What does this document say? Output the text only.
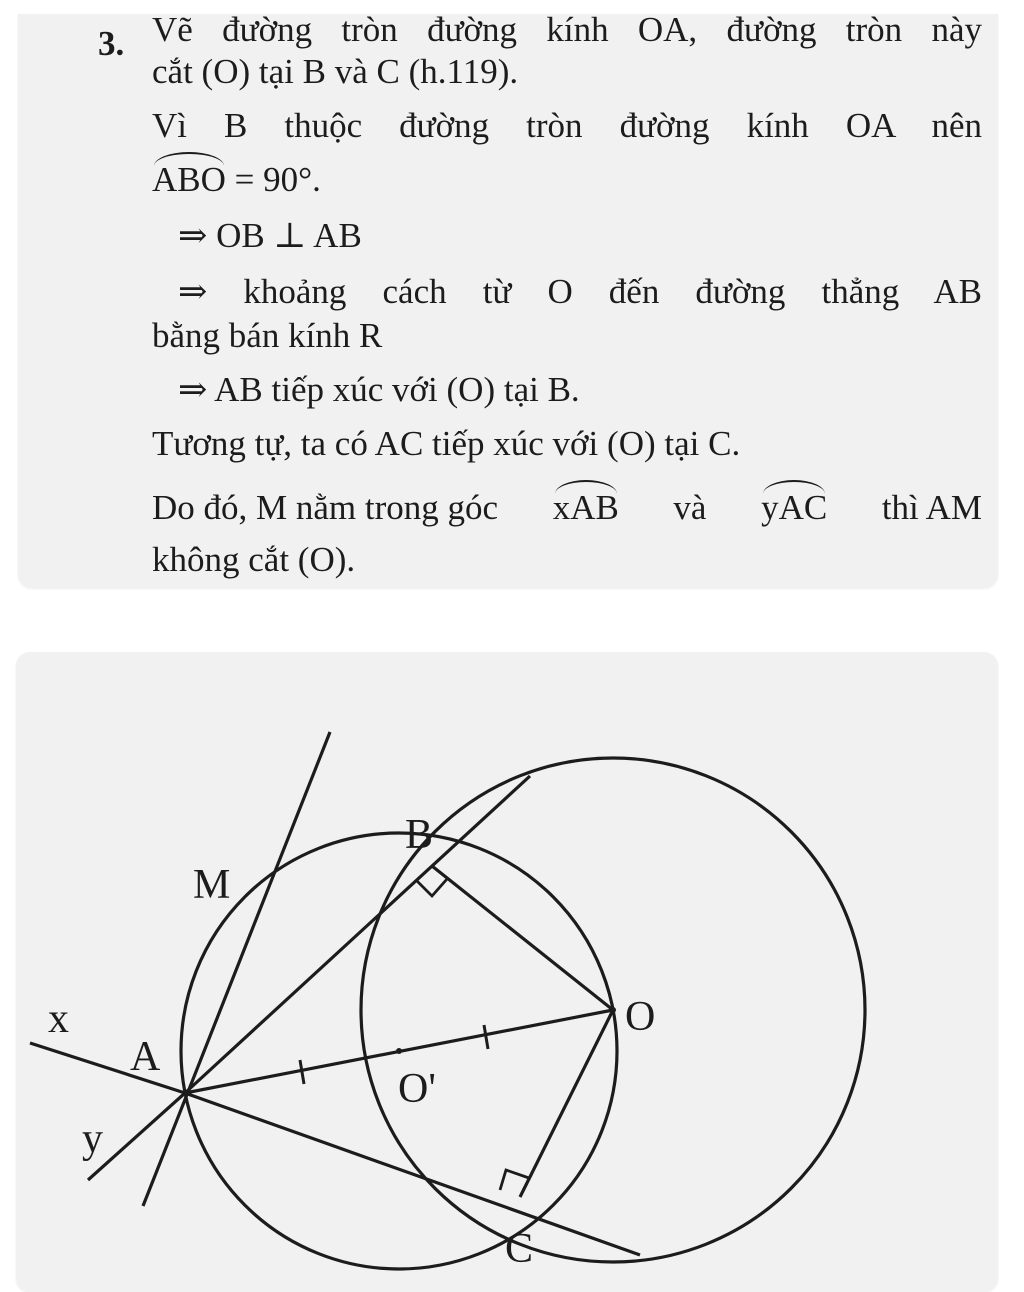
3. Vẽ đường tròn đường kính OA, đường tròn này
cắt (O) tại B và C (h.119).
Vì B thuộc đường tròn đường kính OA nên
ABO = 90°.
⇒ OB ⊥ AB
⇒ khoảng cách từ O đến đường thẳng AB
bằng bán kính R
⇒ AB tiếp xúc với (O) tại B.
Tương tự, ta có AC tiếp xúc với (O) tại C.
Do đó, M nằm trong góc xAB và yAC thì AM
không cắt (O).
B
M
O
A
O'
C
x
y
